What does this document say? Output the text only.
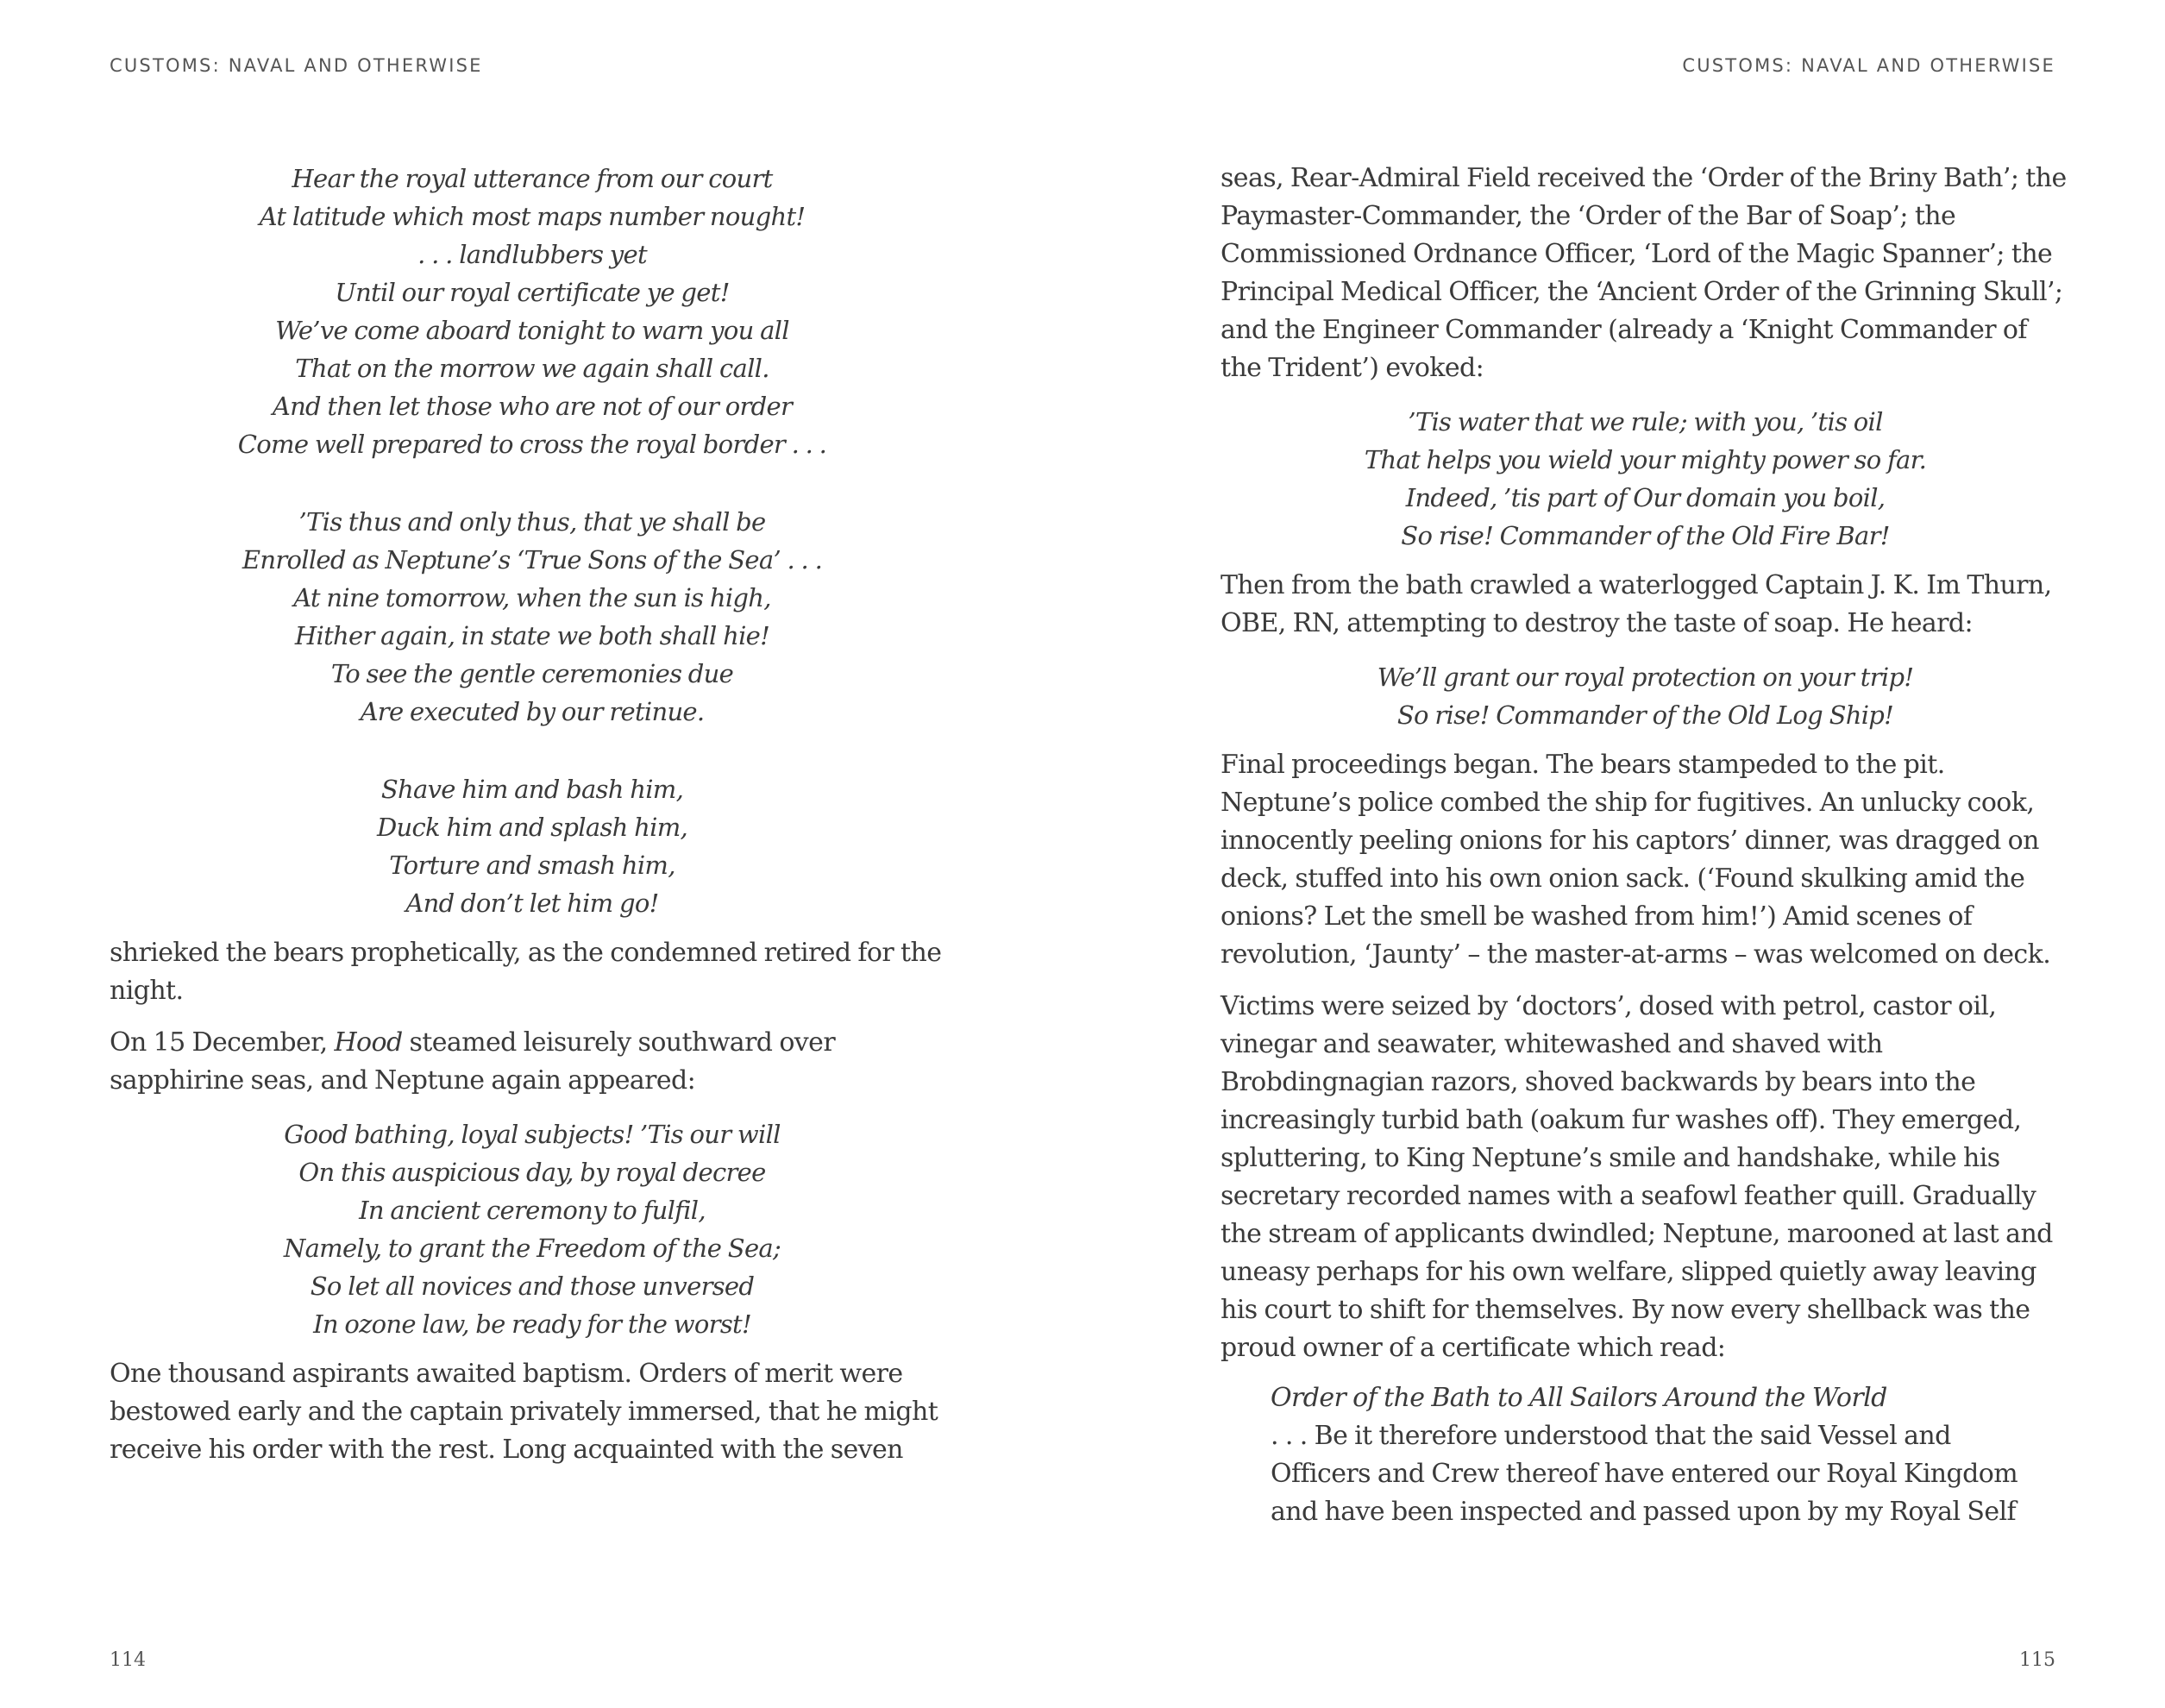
CUSTOMS: NAVAL AND OTHERWISE
Hear the royal utterance from our court
At latitude which most maps number nought!
. . . landlubbers yet
Until our royal certificate ye get!
We’ve come aboard tonight to warn you all
That on the morrow we again shall call.
And then let those who are not of our order
Come well prepared to cross the royal border . . .
’Tis thus and only thus, that ye shall be
Enrolled as Neptune’s ‘True Sons of the Sea’ . . .
At nine tomorrow, when the sun is high,
Hither again, in state we both shall hie!
To see the gentle ceremonies due
Are executed by our retinue.
Shave him and bash him,
Duck him and splash him,
Torture and smash him,
And don’t let him go!

shrieked the bears prophetically, as the condemned retired for the night.

On 15 December, Hood steamed leisurely southward over sapphirine seas, and Neptune again appeared:

Good bathing, loyal subjects! ’Tis our will
On this auspicious day, by royal decree
In ancient ceremony to fulfil,
Namely, to grant the Freedom of the Sea;
So let all novices and those unversed
In ozone law, be ready for the worst!

One thousand aspirants awaited baptism. Orders of merit were bestowed early and the captain privately immersed, that he might receive his order with the rest. Long acquainted with the seven

114
CUSTOMS: NAVAL AND OTHERWISE

seas, Rear-Admiral Field received the ‘Order of the Briny Bath’; the Paymaster-Commander, the ‘Order of the Bar of Soap’; the Commissioned Ordnance Officer, ‘Lord of the Magic Spanner’; the Principal Medical Officer, the ‘Ancient Order of the Grinning Skull’; and the Engineer Commander (already a ‘Knight Commander of the Trident’) evoked:

’Tis water that we rule; with you, ’tis oil
That helps you wield your mighty power so far.
Indeed, ’tis part of Our domain you boil,
So rise! Commander of the Old Fire Bar!

Then from the bath crawled a waterlogged Captain J. K. Im Thurn, OBE, RN, attempting to destroy the taste of soap. He heard:

We’ll grant our royal protection on your trip!
So rise! Commander of the Old Log Ship!

Final proceedings began. The bears stampeded to the pit. Neptune’s police combed the ship for fugitives. An unlucky cook, innocently peeling onions for his captors’ dinner, was dragged on deck, stuffed into his own onion sack. (‘Found skulking amid the onions? Let the smell be washed from him!’) Amid scenes of revolution, ‘Jaunty’ – the master-at-arms – was welcomed on deck.

Victims were seized by ‘doctors’, dosed with petrol, castor oil, vinegar and seawater, whitewashed and shaved with Brobdingnagian razors, shoved backwards by bears into the increasingly turbid bath (oakum fur washes off). They emerged, spluttering, to King Neptune’s smile and handshake, while his secretary recorded names with a seafowl feather quill. Gradually the stream of applicants dwindled; Neptune, marooned at last and uneasy perhaps for his own welfare, slipped quietly away leaving his court to shift for themselves. By now every shellback was the proud owner of a certificate which read:

Order of the Bath to All Sailors Around the World
. . . Be it therefore understood that the said Vessel and
Officers and Crew thereof have entered our Royal Kingdom
and have been inspected and passed upon by my Royal Self
115
